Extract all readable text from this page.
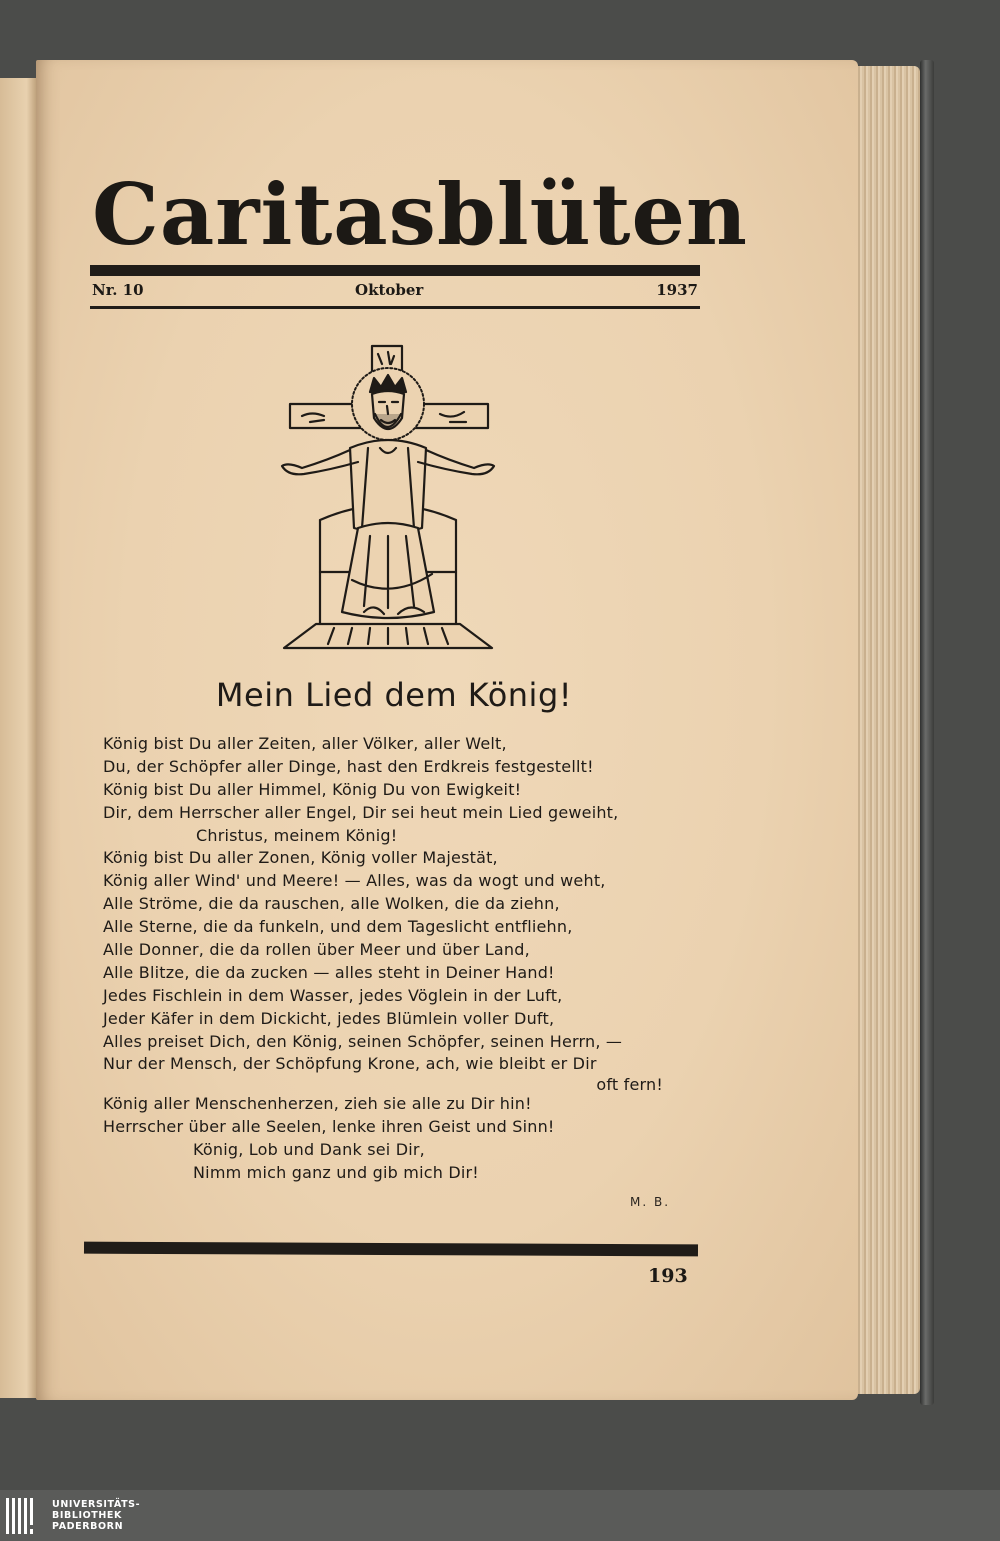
Caritasblüten
Nr. 10	Oktober	1937
Mein Lied dem König!
König bist Du aller Zeiten, aller Völker, aller Welt,
Du, der Schöpfer aller Dinge, hast den Erdkreis festgestellt!
König bist Du aller Himmel, König Du von Ewigkeit!
Dir, dem Herrscher aller Engel, Dir sei heut mein Lied geweiht,
Christus, meinem König!
König bist Du aller Zonen, König voller Majestät,
König aller Wind' und Meere! — Alles, was da wogt und weht,
Alle Ströme, die da rauschen, alle Wolken, die da ziehn,
Alle Sterne, die da funkeln, und dem Tageslicht entfliehn,
Alle Donner, die da rollen über Meer und über Land,
Alle Blitze, die da zucken — alles steht in Deiner Hand!
Jedes Fischlein in dem Wasser, jedes Vöglein in der Luft,
Jeder Käfer in dem Dickicht, jedes Blümlein voller Duft,
Alles preiset Dich, den König, seinen Schöpfer, seinen Herrn, —
Nur der Mensch, der Schöpfung Krone, ach, wie bleibt er Dir
oft fern!
König aller Menschenherzen, zieh sie alle zu Dir hin!
Herrscher über alle Seelen, lenke ihren Geist und Sinn!
König, Lob und Dank sei Dir,
Nimm mich ganz und gib mich Dir!
M. B.
193
UNIVERSITÄTS-
BIBLIOTHEK
PADERBORN
